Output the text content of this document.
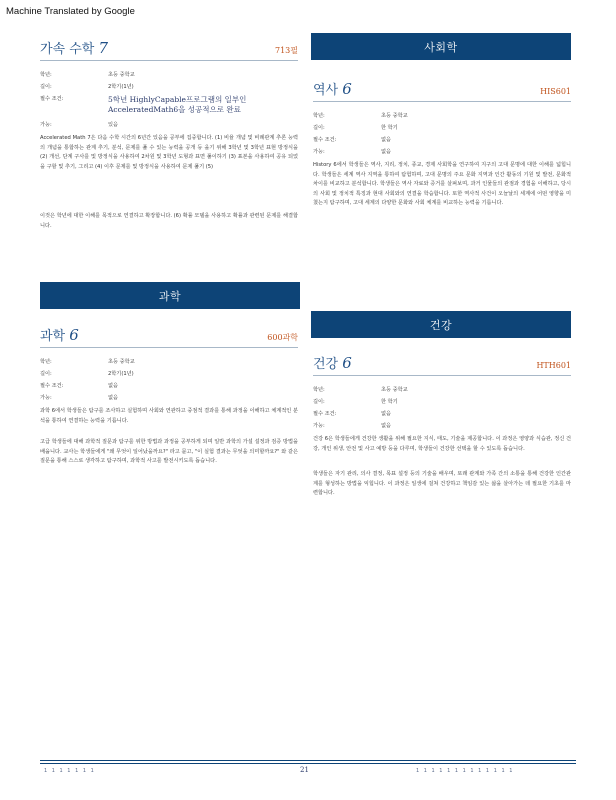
Machine Translated by Google
가속 수학 7	713필
학년:	초등 중학교
길이:	2학기(1년)
필수 조건:	5학년 HighlyCapable프로그램의 일부인 AcceleratedMath6을 성공적으로 완료
가능:	있음
Accelerated Math 7은 다음 수학 시간의 6년간 있음을 공부에 집중합니다. (1) 비율 개념 및 비례관계 추론 능력의 개념을 통합하는 관계 추기, 분석, 문제를 풀 수 있는 능력을 공개 등 을기 위해 3학년 및 3학년 표현 방정식을 (2) 개선, 단계 구사를 및 방정식을 사용하여 2차원 및 3학년 도형과 표면 풀이하기 (3) 표본을 사용하여 공유 되었을 구할 및 추기, 그리고 (4) 이후 문제를 및 방정식을 사용하여 문제 풀기 (5)
이것은 학년에 대한 이해를 목적으로 연결하고 확장합니다. (6) 확률 모델을 사용하고 확률과 관련된 문제를 해결합니다.
과학
과학 6	600과학
학년:	초등 중학교
길이:	2학기(1년)
필수 조건:	없음
가능:	없음
과학 6에서 학생들은 탐구를 조사하고 실험하며 사회와 연관하고 중점적 결과를 통해 과정을 이해하고 체계적인 분석을 통하여 연결하는 능력을 기릅니다.
고급 학생들에 대해 과학적 질문과 탐구를 위한 방법과 과정을 공부하게 되며 일반 과학의 가설 설정과 검증 방법을 배웁니다. 교사는 학생들에게 "왜 무엇이 일어났을까요?" 라고 묻고, "이 실험 결과는 무엇을 의미할까요?" 와 같은 질문을 통해 스스로 생각하고 탐구하며, 과학적 사고를 발전시키도록 돕습니다.
사회학
역사 6	HIS601
학년:	초등 중학교
길이:	한 학기
필수 조건:	없음
가능:	없음
History 6에서 학생들은 역사, 지리, 정치, 종교, 경제 사회학을 연구하여 지구의 고대 문명에 대한 이해를 넓힙니다. 학생들은 세계 역사 지역을 통하여 탐험하며, 고대 문명의 주요 문화 지역과 인간 활동의 기원 및 발전, 문화적 차이를 비교하고 분석합니다. 학생들은 역사 자료와 증거를 살펴보며, 과거 인물들의 관점과 경험을 이해하고, 당시의 사회 및 정치적 특징과 현대 사회와의 연결을 학습합니다. 또한 역사적 사건이 오늘날의 세계에 어떤 영향을 미쳤는지 탐구하며, 고대 세계의 다양한 문화와 사회 체계를 비교하는 능력을 기릅니다.
건강
건강 6	HTH601
학년:	초등 중학교
길이:	한 학기
필수 조건:	없음
가능:	없음
건강 6은 학생들에게 건강한 생활을 위해 필요한 지식, 태도, 기술을 제공합니다. 이 과정은 영양과 식습관, 정신 건강, 개인 위생, 안전 및 사고 예방 등을 다루며, 학생들이 건강한 선택을 할 수 있도록 돕습니다.
학생들은 자기 관리, 의사 결정, 목표 설정 등의 기술을 배우며, 또래 관계와 가족 간의 소통을 통해 건강한 인간관계를 형성하는 방법을 익힙니다. 이 과정은 일생에 걸쳐 건강하고 책임감 있는 삶을 살아가는 데 필요한 기초를 마련합니다.
1 1 1 1 1 1 1	21	1 1 1 1 1 1 1 1 1 1 1 1 1
